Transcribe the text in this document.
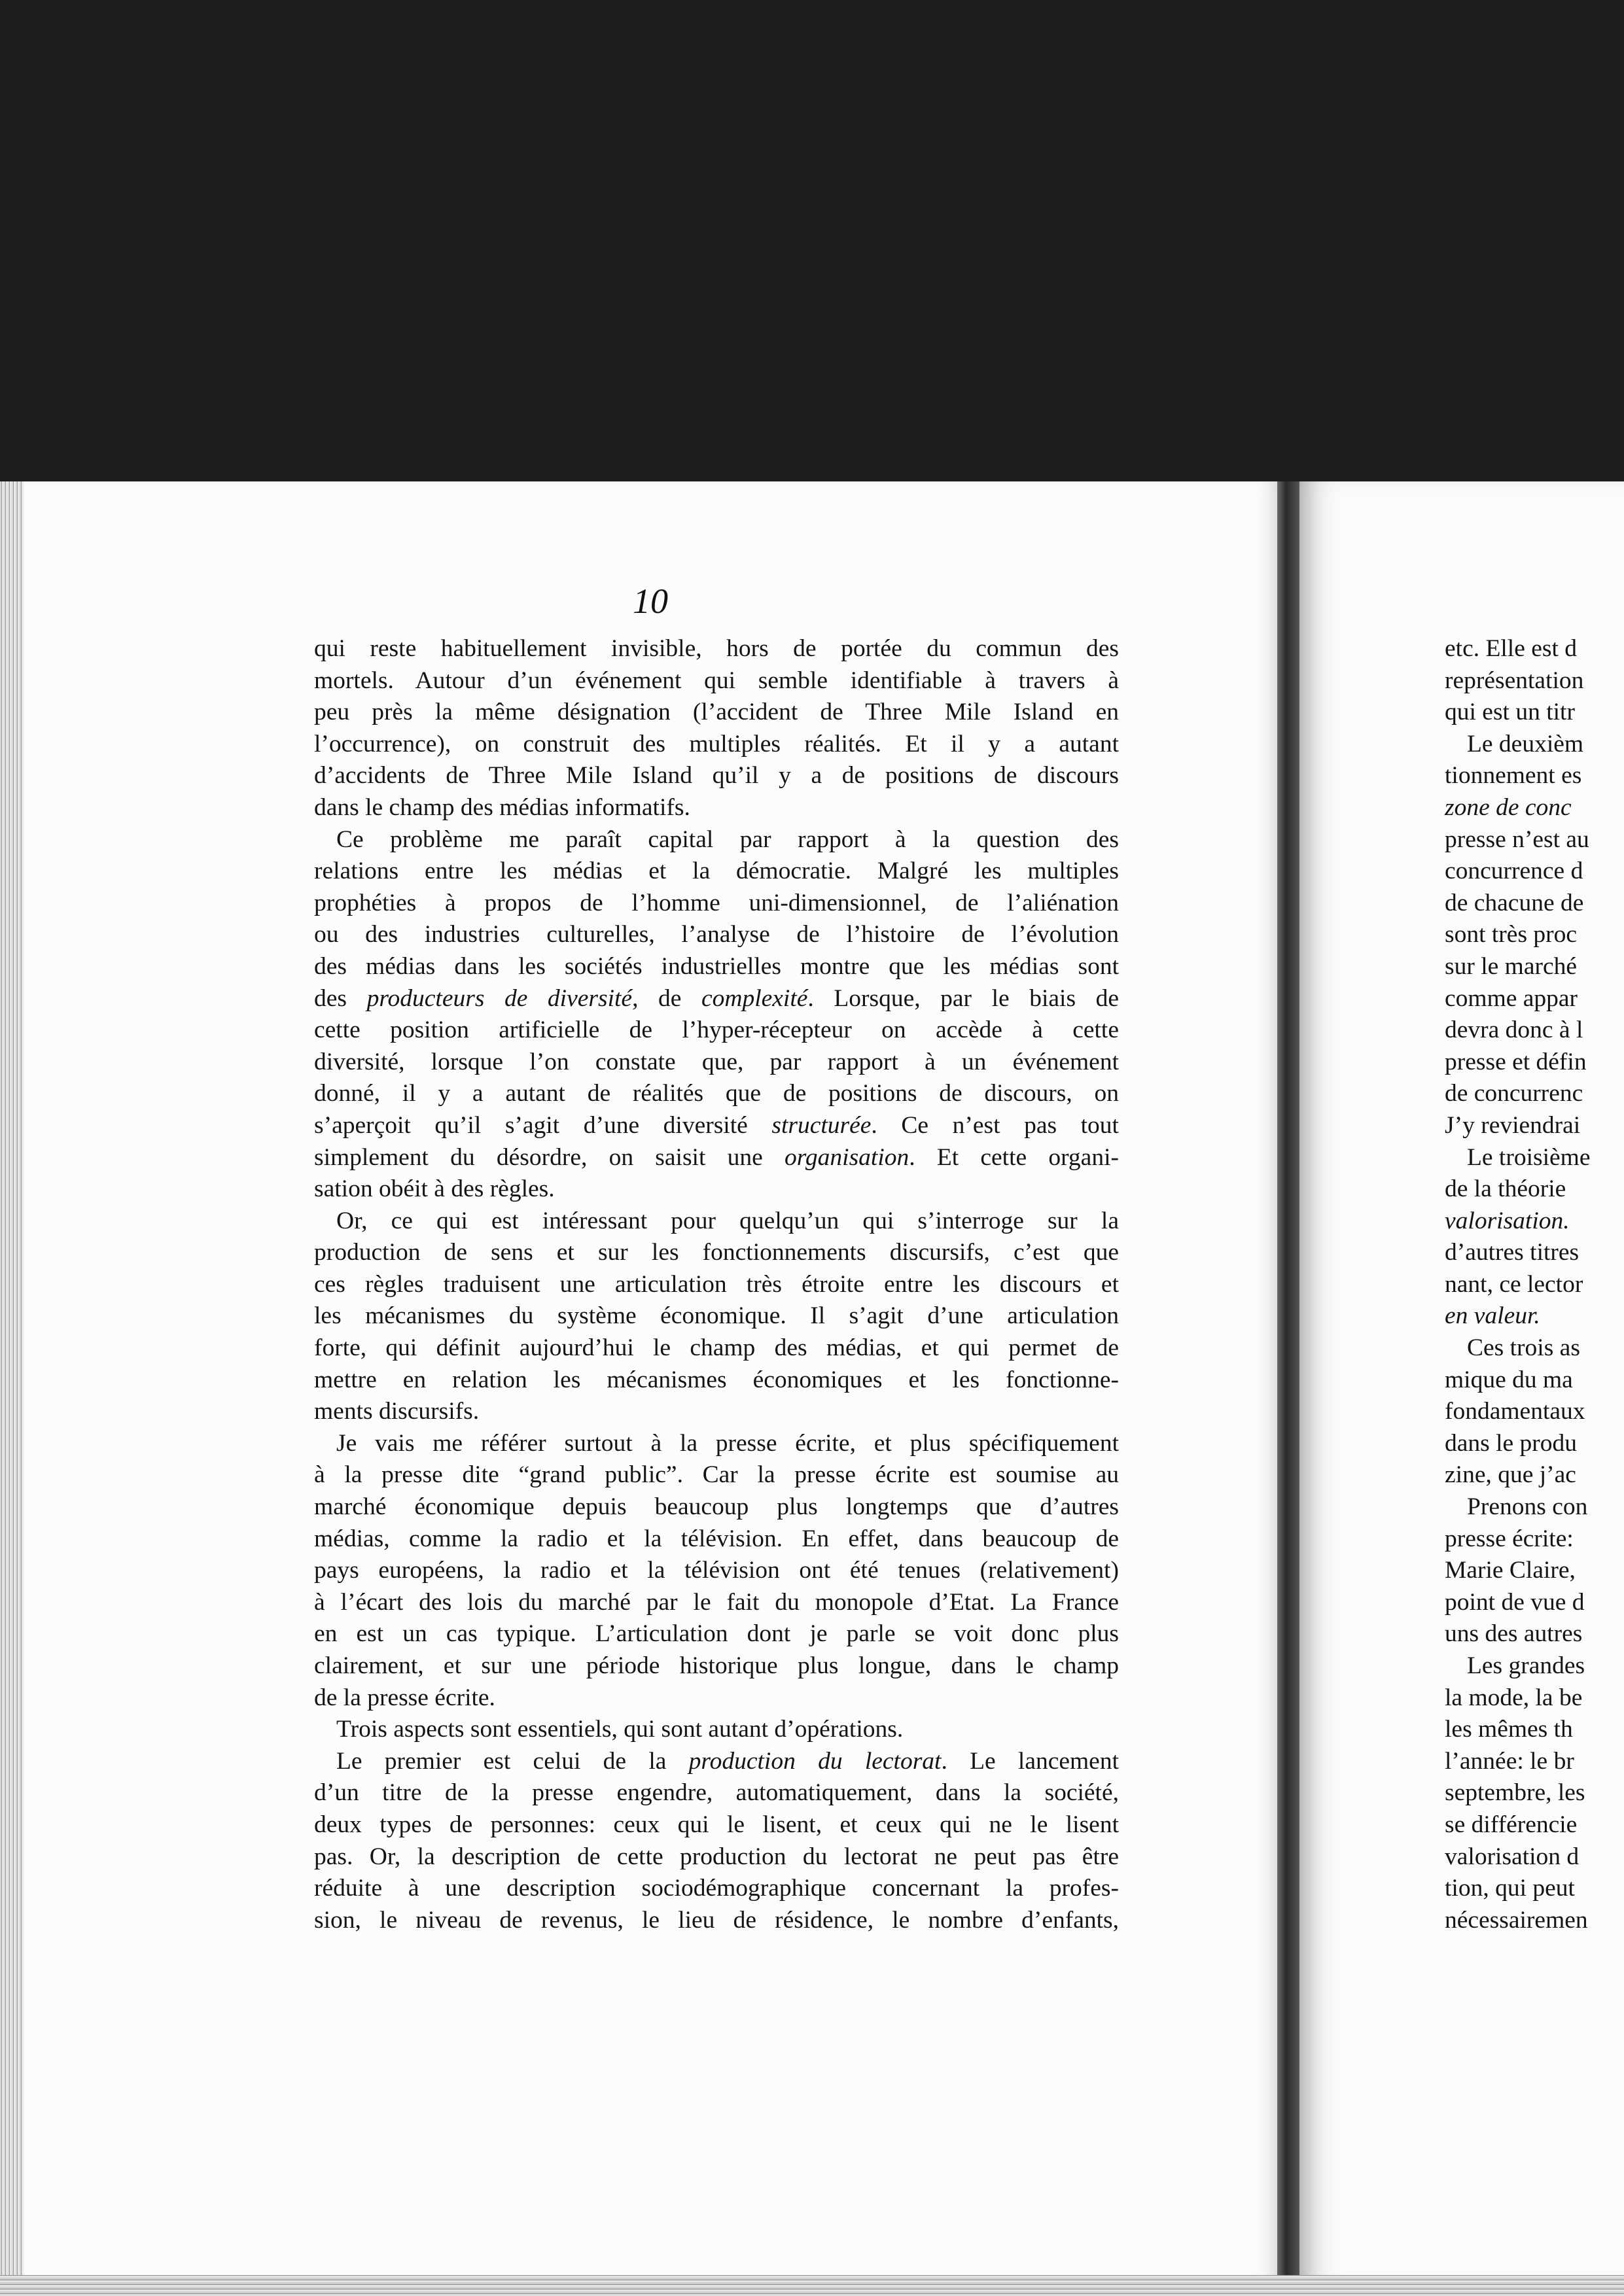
10
qui reste habituellement invisible, hors de portée du commun des
mortels. Autour d’un événement qui semble identifiable à travers à
peu près la même désignation (l’accident de Three Mile Island en
l’occurrence), on construit des multiples réalités. Et il y a autant
d’accidents de Three Mile Island qu’il y a de positions de discours
dans le champ des médias informatifs.
Ce problème me paraît capital par rapport à la question des
relations entre les médias et la démocratie. Malgré les multiples
prophéties à propos de l’homme uni-dimensionnel, de l’aliénation
ou des industries culturelles, l’analyse de l’histoire de l’évolution
des médias dans les sociétés industrielles montre que les médias sont
des producteurs de diversité, de complexité. Lorsque, par le biais de
cette position artificielle de l’hyper-récepteur on accède à cette
diversité, lorsque l’on constate que, par rapport à un événement
donné, il y a autant de réalités que de positions de discours, on
s’aperçoit qu’il s’agit d’une diversité structurée. Ce n’est pas tout
simplement du désordre, on saisit une organisation. Et cette organi-
sation obéit à des règles.
Or, ce qui est intéressant pour quelqu’un qui s’interroge sur la
production de sens et sur les fonctionnements discursifs, c’est que
ces règles traduisent une articulation très étroite entre les discours et
les mécanismes du système économique. Il s’agit d’une articulation
forte, qui définit aujourd’hui le champ des médias, et qui permet de
mettre en relation les mécanismes économiques et les fonctionne-
ments discursifs.
Je vais me référer surtout à la presse écrite, et plus spécifiquement
à la presse dite “grand public”. Car la presse écrite est soumise au
marché économique depuis beaucoup plus longtemps que d’autres
médias, comme la radio et la télévision. En effet, dans beaucoup de
pays européens, la radio et la télévision ont été tenues (relativement)
à l’écart des lois du marché par le fait du monopole d’Etat. La France
en est un cas typique. L’articulation dont je parle se voit donc plus
clairement, et sur une période historique plus longue, dans le champ
de la presse écrite.
Trois aspects sont essentiels, qui sont autant d’opérations.
Le premier est celui de la production du lectorat. Le lancement
d’un titre de la presse engendre, automatiquement, dans la société,
deux types de personnes: ceux qui le lisent, et ceux qui ne le lisent
pas. Or, la description de cette production du lectorat ne peut pas être
réduite à une description sociodémographique concernant la profes-
sion, le niveau de revenus, le lieu de résidence, le nombre d’enfants,
etc. Elle est d
représentation
qui est un titr
Le deuxièm
tionnement es
zone de conc
presse n’est au
concurrence d
de chacune de
sont très proc
sur le marché
comme appar
devra donc à l
presse et défin
de concurrenc
J’y reviendrai
Le troisième
de la théorie
valorisation.
d’autres titres
nant, ce lector
en valeur.
Ces trois as
mique du ma
fondamentaux
dans le produ
zine, que j’ac
Prenons con
presse écrite:
Marie Claire,
point de vue d
uns des autres
Les grandes
la mode, la be
les mêmes th
l’année: le br
septembre, les
se différencie
valorisation d
tion, qui peut
nécessairemen
